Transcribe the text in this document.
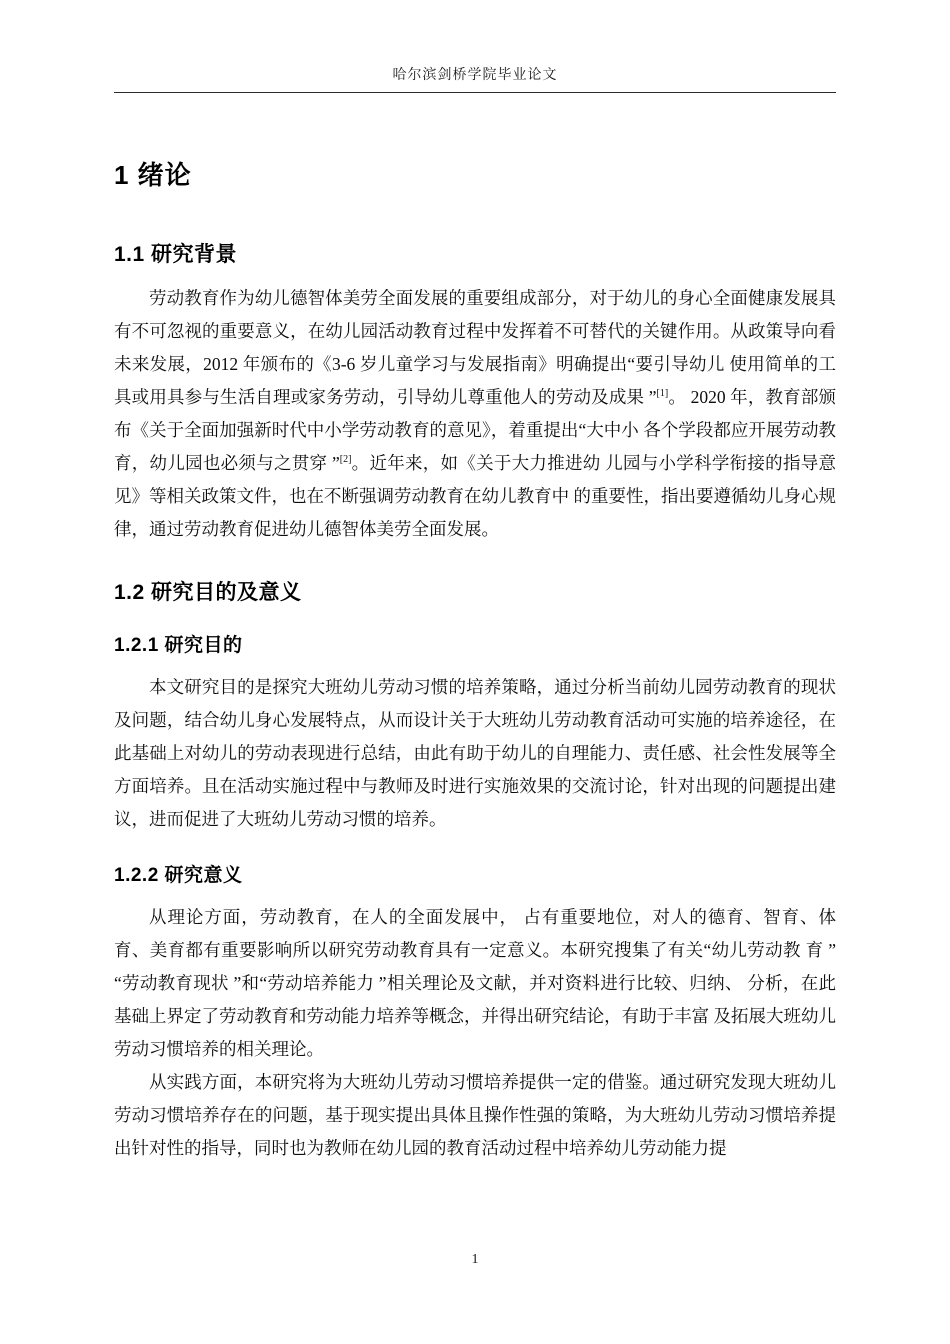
哈尔滨剑桥学院毕业论文
1 绪论
1.1 研究背景

劳动教育作为幼儿德智体美劳全面发展的重要组成部分，对于幼儿的身心全面健康发展具有不可忽视的重要意义，在幼儿园活动教育过程中发挥着不可替代的关键作用。从政策导向看未来发展，2012 年颁布的《3-6 岁儿童学习与发展指南》明确提出“要引导幼儿 使用简单的工具或用具参与生活自理或家务劳动，引导幼儿尊重他人的劳动及成果 ”[1]。 2020 年，教育部颁布《关于全面加强新时代中小学劳动教育的意见》，着重提出“大中小 各个学段都应开展劳动教育，幼儿园也必须与之贯穿 ”[2]。近年来，如《关于大力推进幼 儿园与小学科学衔接的指导意见》等相关政策文件，也在不断强调劳动教育在幼儿教育中 的重要性，指出要遵循幼儿身心规律，通过劳动教育促进幼儿德智体美劳全面发展。

1.2 研究目的及意义
1.2.1 研究目的

本文研究目的是探究大班幼儿劳动习惯的培养策略，通过分析当前幼儿园劳动教育的现状及问题，结合幼儿身心发展特点，从而设计关于大班幼儿劳动教育活动可实施的培养途径，在此基础上对幼儿的劳动表现进行总结，由此有助于幼儿的自理能力、责任感、社会性发展等全方面培养。且在活动实施过程中与教师及时进行实施效果的交流讨论，针对出现的问题提出建议，进而促进了大班幼儿劳动习惯的培养。

1.2.2 研究意义

从理论方面，劳动教育，在人的全面发展中， 占有重要地位，对人的德育、智育、体 育、美育都有重要影响所以研究劳动教育具有一定意义。本研究搜集了有关“幼儿劳动教 育 ”“劳动教育现状 ”和“劳动培养能力 ”相关理论及文献，并对资料进行比较、归纳、 分析，在此基础上界定了劳动教育和劳动能力培养等概念，并得出研究结论，有助于丰富 及拓展大班幼儿劳动习惯培养的相关理论。

从实践方面，本研究将为大班幼儿劳动习惯培养提供一定的借鉴。通过研究发现大班幼儿劳动习惯培养存在的问题，基于现实提出具体且操作性强的策略，为大班幼儿劳动习惯培养提出针对性的指导，同时也为教师在幼儿园的教育活动过程中培养幼儿劳动能力提

1
